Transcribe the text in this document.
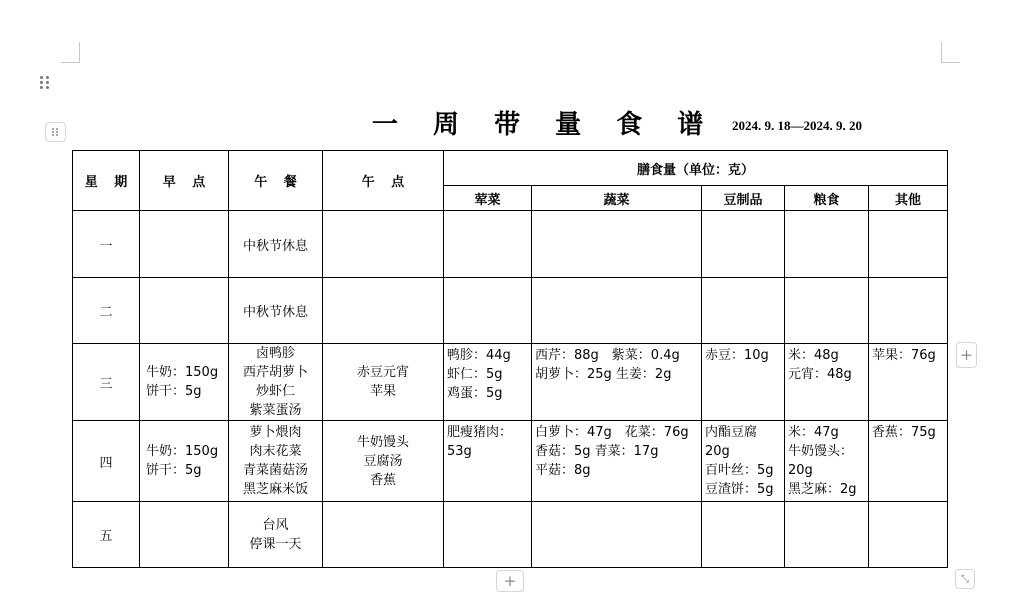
一 周 带 量 食 谱 2024. 9. 18—2024. 9. 20
星 期	早 点	午 餐	午 点	膳食量（单位：克）				
				荤菜	蔬菜	豆制品	粮食	其他
一		中秋节休息						

二		中秋节休息						

三	牛奶：150g
饼干：5g	卤鸭胗
西芹胡萝卜
炒虾仁
紫菜蛋汤	赤豆元宵
苹果	鸭胗：44g
虾仁：5g
鸡蛋：5g	西芹：88g　紫菜：0.4g
胡萝卜：25g 生姜：2g	赤豆：10g	米：48g
元宵：48g	苹果：76g

四	牛奶：150g
饼干：5g	萝卜煨肉
肉末花菜
青菜菌菇汤
黑芝麻米饭	牛奶馒头
豆腐汤
香蕉	肥瘦猪肉：
53g	白萝卜：47g　花菜：76g
香菇：5g 青菜：17g
平菇：8g	内酯豆腐
20g
百叶丝：5g
豆渣饼：5g	米：47g
牛奶馒头：
20g
黑芝麻：2g	香蕉：75g

五		台风
停课一天						

+
+	⤡
